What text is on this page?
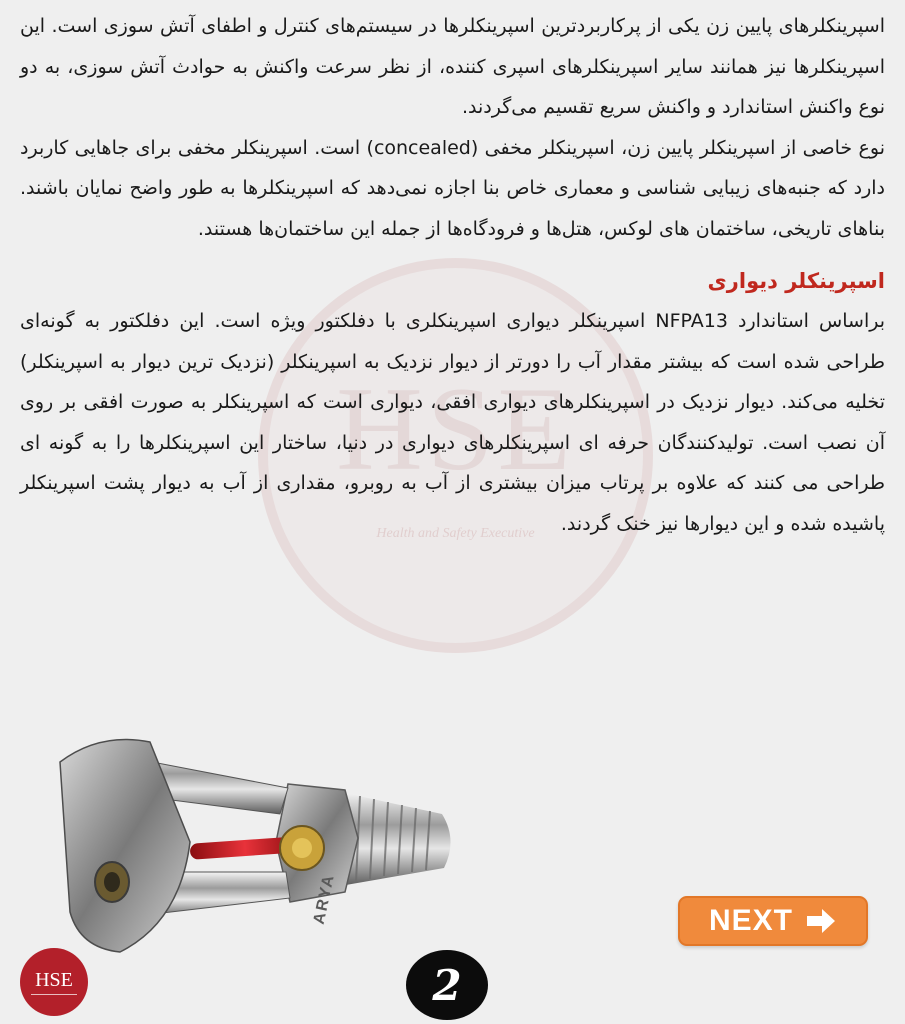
HSE
Health and Safety Executive

اسپرینکلرهای پایین زن یکی از پرکاربردترین اسپرینکلرها در سیستم‌های کنترل و اطفای آتش سوزی است. این اسپرینکلرها نیز همانند سایر اسپرینکلرهای اسپری کننده، از نظر سرعت واکنش به حوادث آتش سوزی، به دو نوع واکنش استاندارد و واکنش سریع تقسیم می‌گردند.

نوع خاصی از اسپرینکلر پایین زن، اسپرینکلر مخفی (concealed) است. اسپرینکلر مخفی برای جاهایی کاربرد دارد که جنبه‌های زیبایی شناسی و معماری خاص بنا اجازه نمی‌دهد که اسپرینکلرها به طور واضح نمایان باشند. بناهای تاریخی، ساختمان های لوکس، هتل‌ها و فرودگاه‌ها از جمله این ساختمان‌ها هستند.

اسپرینکلر دیواری

براساس استاندارد NFPA13 اسپرینکلر دیواری اسپرینکلری با دفلکتور ویژه است. این دفلکتور به گونه‌ای طراحی شده است که بیشتر مقدار آب را دورتر از دیوار نزدیک به اسپرینکلر (نزدیک ترین دیوار به اسپرینکلر) تخلیه می‌کند. دیوار نزدیک در اسپرینکلرهای دیواری افقی، دیواری است که اسپرینکلر به صورت افقی بر روی آن نصب است. تولیدکنندگان حرفه ای اسپرینکلرهای دیواری در دنیا، ساختار این اسپرینکلرها را به گونه ای طراحی می کنند که علاوه بر پرتاب میزان بیشتری از آب به روبرو، مقداری از آب به دیوار پشت اسپرینکلر پاشیده شده و این دیوارها نیز خنک گردند.

ARYA	NEXT
HSE	2
